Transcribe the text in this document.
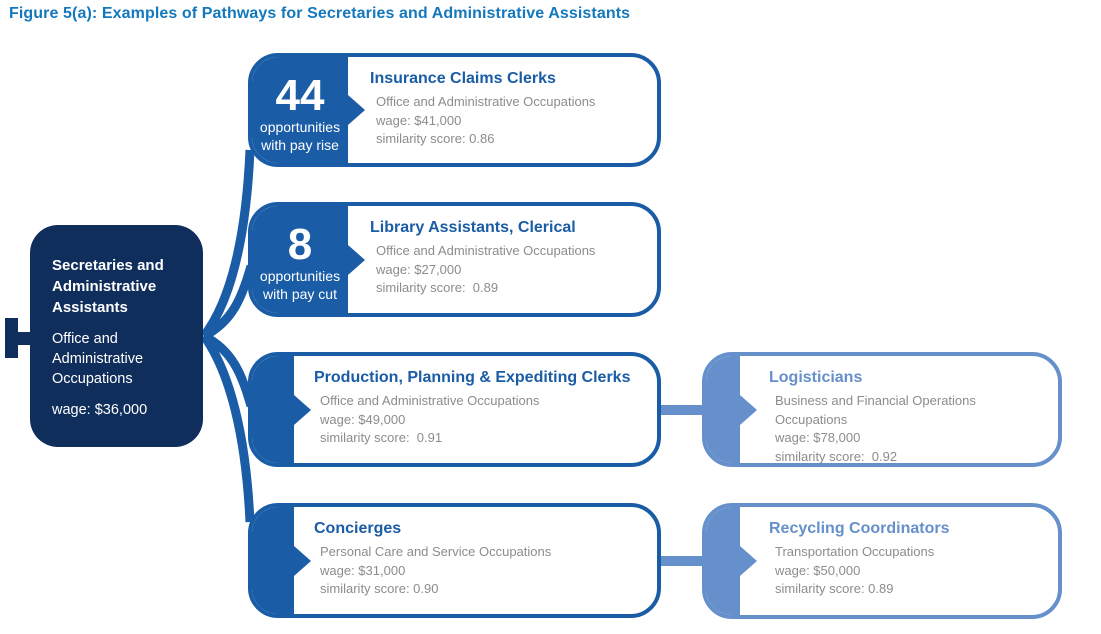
Figure 5(a): Examples of Pathways for Secretaries and Administrative Assistants
Secretaries and Administrative Assistants
Office and Administrative Occupations
wage: $36,000
44
opportunities
with pay rise
Insurance Claims Clerks
Office and Administrative Occupations
wage: $41,000
similarity score: 0.86
8
opportunities
with pay cut
Library Assistants, Clerical
Office and Administrative Occupations
wage: $27,000
similarity score:  0.89
Production, Planning & Expediting Clerks
Office and Administrative Occupations
wage: $49,000
similarity score:  0.91
Concierges
Personal Care and Service Occupations
wage: $31,000
similarity score: 0.90
Logisticians
Business and Financial Operations Occupations
wage: $78,000
similarity score:  0.92
Recycling Coordinators
Transportation Occupations
wage: $50,000
similarity score: 0.89
